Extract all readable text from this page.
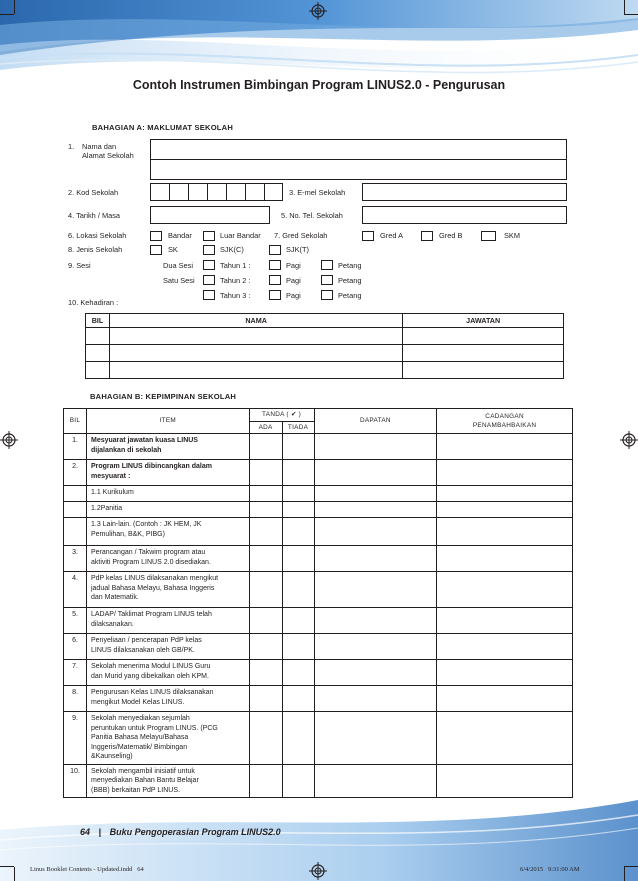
Contoh Instrumen Bimbingan Program LINUS2.0 - Pengurusan
BAHAGIAN A: MAKLUMAT SEKOLAH
1. Nama dan
Alamat Sekolah
2. Kod Sekolah	3. E-mel Sekolah
4. Tarikh / Masa	5. No. Tel. Sekolah
6. Lokasi Sekolah	Bandar	Luar Bandar 7. Gred Sekolah	Gred A	Gred B	SKM
8. Jenis Sekolah	SK	SJK(C)	SJK(T)
9. Sesi	Dua Sesi	Tahun 1 :	Pagi	Petang
Satu Sesi	Tahun 2 :	Pagi	Petang
Tahun 3 :	Pagi	Petang
10. Kehadiran :
BIL	NAMA	JAWATAN

BAHAGIAN B: KEPIMPINAN SEKOLAH
BIL	ITEM	TANDA ( ✔ )		DAPATAN	CADANGAN
PENAMBAHBAIKAN
		ADA	TIADA		
1.	Mesyuarat jawatan kuasa LINUS
dijalankan di sekolah				
2.	Program LINUS dibincangkan dalam
mesyuarat :				
	1.1 Kurikulum				
	1.2Panitia				
	1.3 Lain-lain. (Contoh : JK HEM, JK
Pemulihan, B&K, PIBG)				
3.	Perancangan / Takwim program atau
aktiviti Program LINUS 2.0 disediakan.				
4.	PdP kelas LINUS dilaksanakan mengikut
jadual Bahasa Melayu, Bahasa Inggeris
dan Matematik.				
5.	LADAP/ Taklimat Program LINUS telah
dilaksanakan.				
6.	Penyeliaan / pencerapan PdP kelas
LINUS dilaksanakan oleh GB/PK.				
7.	Sekolah menerima Modul LINUS Guru
dan Murid yang dibekalkan oleh KPM.				
8.	Pengurusan Kelas LINUS dilaksanakan
mengikut Model Kelas LINUS.				
9.	Sekolah menyediakan sejumlah
peruntukan untuk Program LINUS. (PCG
Panitia Bahasa Melayu/Bahasa
Inggeris/Matematik/ Bimbingan
&Kaunseling)				
10.	Sekolah mengambil inisiatif untuk
menyediakan Bahan Bantu Belajar
(BBB) berkaitan PdP LINUS.				
64 | Buku Pengoperasian Program LINUS2.0
Linus Booklet Contents - Updated.indd   64	6/4/2015   9:31:00 AM
